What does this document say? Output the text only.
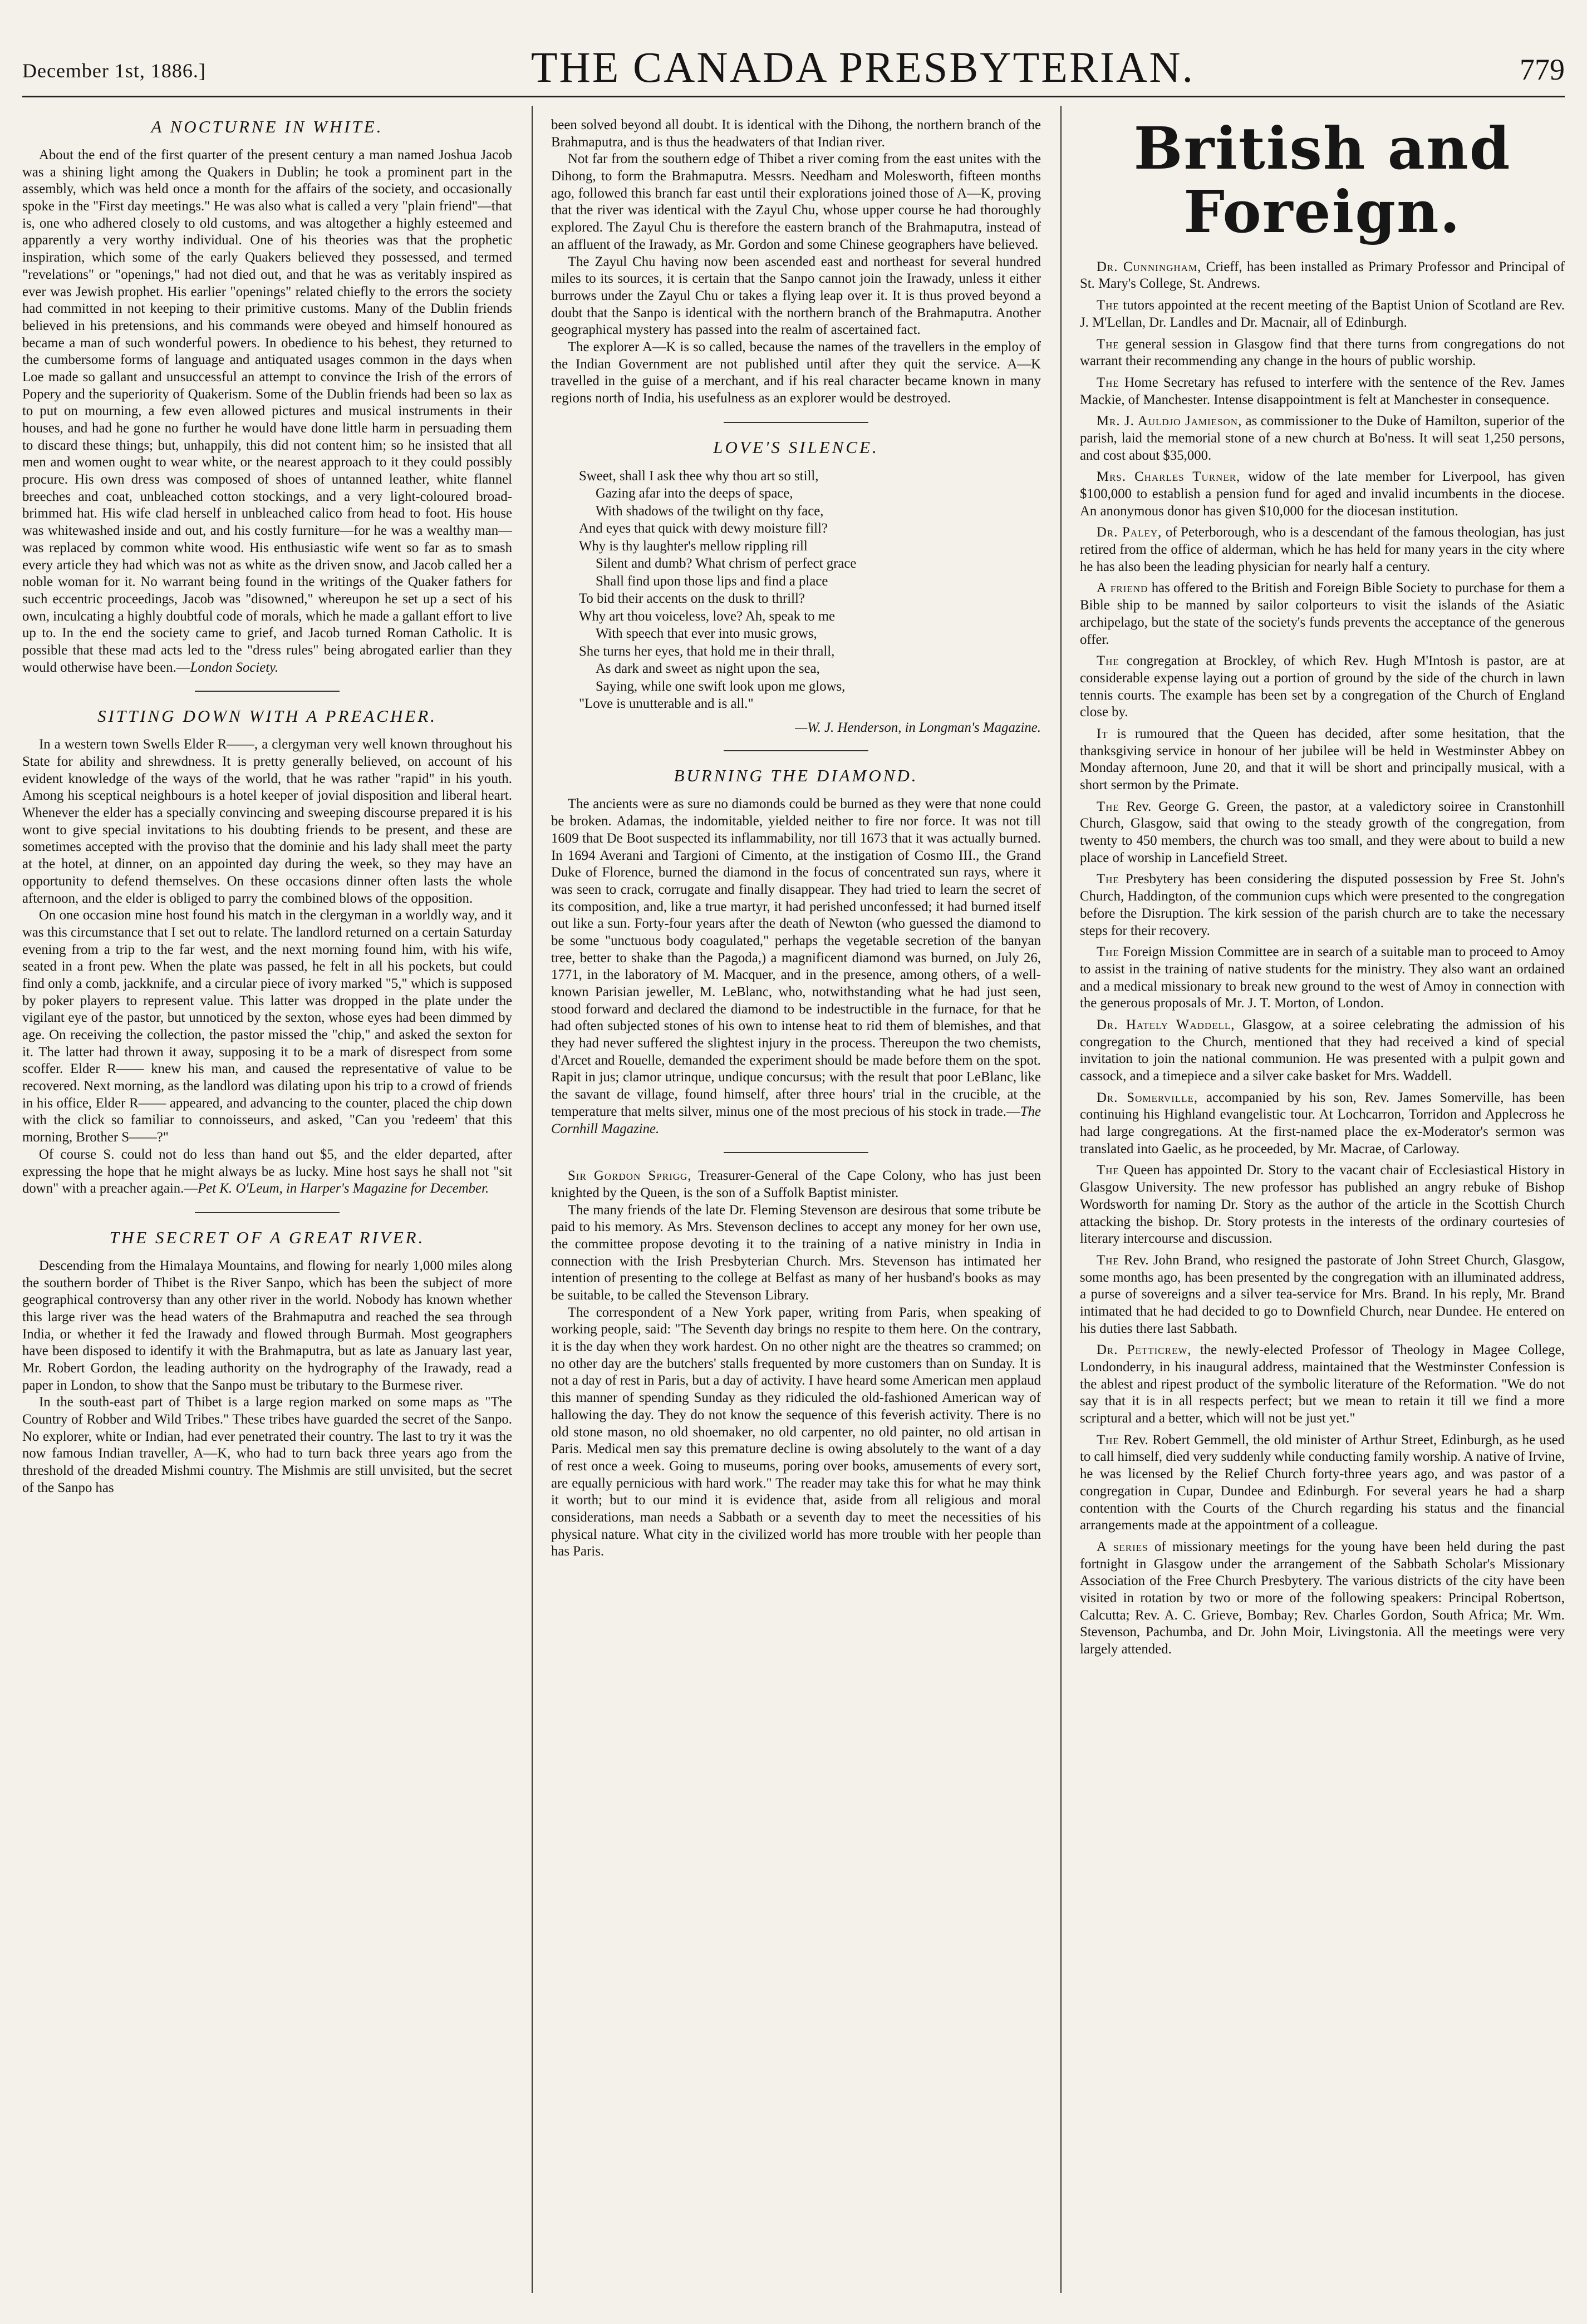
December 1st, 1886.]	THE CANADA PRESBYTERIAN.	779
A NOCTURNE IN WHITE.

About the end of the first quarter of the present century a man named Joshua Jacob was a shining light among the Quakers in Dublin; he took a prominent part in the assembly, which was held once a month for the affairs of the society, and occasionally spoke in the "First day meetings." He was also what is called a very "plain friend"—that is, one who adhered closely to old customs, and was altogether a highly esteemed and apparently a very worthy individual. One of his theories was that the prophetic inspiration, which some of the early Quakers believed they possessed, and termed "revelations" or "openings," had not died out, and that he was as veritably inspired as ever was Jewish prophet. His earlier "openings" related chiefly to the errors the society had committed in not keeping to their primitive customs. Many of the Dublin friends believed in his pretensions, and his commands were obeyed and himself honoured as became a man of such wonderful powers. In obedience to his behest, they returned to the cumbersome forms of language and antiquated usages common in the days when Loe made so gallant and unsuccessful an attempt to convince the Irish of the errors of Popery and the superiority of Quakerism. Some of the Dublin friends had been so lax as to put on mourning, a few even allowed pictures and musical instruments in their houses, and had he gone no further he would have done little harm in persuading them to discard these things; but, unhappily, this did not content him; so he insisted that all men and women ought to wear white, or the nearest approach to it they could possibly procure. His own dress was composed of shoes of untanned leather, white flannel breeches and coat, unbleached cotton stockings, and a very light-coloured broad-brimmed hat. His wife clad herself in unbleached calico from head to foot. His house was whitewashed inside and out, and his costly furniture—for he was a wealthy man—was replaced by common white wood. His enthusiastic wife went so far as to smash every article they had which was not as white as the driven snow, and Jacob called her a noble woman for it. No warrant being found in the writings of the Quaker fathers for such eccentric proceedings, Jacob was "disowned," whereupon he set up a sect of his own, inculcating a highly doubtful code of morals, which he made a gallant effort to live up to. In the end the society came to grief, and Jacob turned Roman Catholic. It is possible that these mad acts led to the "dress rules" being abrogated earlier than they would otherwise have been.—London Society.

SITTING DOWN WITH A PREACHER.

In a western town Swells Elder R——, a clergyman very well known throughout his State for ability and shrewdness. It is pretty generally believed, on account of his evident knowledge of the ways of the world, that he was rather "rapid" in his youth. Among his sceptical neighbours is a hotel keeper of jovial disposition and liberal heart. Whenever the elder has a specially convincing and sweeping discourse prepared it is his wont to give special invitations to his doubting friends to be present, and these are sometimes accepted with the proviso that the dominie and his lady shall meet the party at the hotel, at dinner, on an appointed day during the week, so they may have an opportunity to defend themselves. On these occasions dinner often lasts the whole afternoon, and the elder is obliged to parry the combined blows of the opposition.

On one occasion mine host found his match in the clergyman in a worldly way, and it was this circumstance that I set out to relate. The landlord returned on a certain Saturday evening from a trip to the far west, and the next morning found him, with his wife, seated in a front pew. When the plate was passed, he felt in all his pockets, but could find only a comb, jackknife, and a circular piece of ivory marked "5," which is supposed by poker players to represent value. This latter was dropped in the plate under the vigilant eye of the pastor, but unnoticed by the sexton, whose eyes had been dimmed by age. On receiving the collection, the pastor missed the "chip," and asked the sexton for it. The latter had thrown it away, supposing it to be a mark of disrespect from some scoffer. Elder R—— knew his man, and caused the representative of value to be recovered. Next morning, as the landlord was dilating upon his trip to a crowd of friends in his office, Elder R—— appeared, and advancing to the counter, placed the chip down with the click so familiar to connoisseurs, and asked, "Can you 'redeem' that this morning, Brother S——?"

Of course S. could not do less than hand out $5, and the elder departed, after expressing the hope that he might always be as lucky. Mine host says he shall not "sit down" with a preacher again.—Pet K. O'Leum, in Harper's Magazine for December.

THE SECRET OF A GREAT RIVER.

Descending from the Himalaya Mountains, and flowing for nearly 1,000 miles along the southern border of Thibet is the River Sanpo, which has been the subject of more geographical controversy than any other river in the world. Nobody has known whether this large river was the head waters of the Brahmaputra and reached the sea through India, or whether it fed the Irawady and flowed through Burmah. Most geographers have been disposed to identify it with the Brahmaputra, but as late as January last year, Mr. Robert Gordon, the leading authority on the hydrography of the Irawady, read a paper in London, to show that the Sanpo must be tributary to the Burmese river.

In the south-east part of Thibet is a large region marked on some maps as "The Country of Robber and Wild Tribes." These tribes have guarded the secret of the Sanpo. No explorer, white or Indian, had ever penetrated their country. The last to try it was the now famous Indian traveller, A—K, who had to turn back three years ago from the threshold of the dreaded Mishmi country. The Mishmis are still unvisited, but the secret of the Sanpo has

been solved beyond all doubt. It is identical with the Dihong, the northern branch of the Brahmaputra, and is thus the headwaters of that Indian river.

Not far from the southern edge of Thibet a river coming from the east unites with the Dihong, to form the Brahmaputra. Messrs. Needham and Molesworth, fifteen months ago, followed this branch far east until their explorations joined those of A—K, proving that the river was identical with the Zayul Chu, whose upper course he had thoroughly explored. The Zayul Chu is therefore the eastern branch of the Brahmaputra, instead of an affluent of the Irawady, as Mr. Gordon and some Chinese geographers have believed.

The Zayul Chu having now been ascended east and northeast for several hundred miles to its sources, it is certain that the Sanpo cannot join the Irawady, unless it either burrows under the Zayul Chu or takes a flying leap over it. It is thus proved beyond a doubt that the Sanpo is identical with the northern branch of the Brahmaputra. Another geographical mystery has passed into the realm of ascertained fact.

The explorer A—K is so called, because the names of the travellers in the employ of the Indian Government are not published until after they quit the service. A—K travelled in the guise of a merchant, and if his real character became known in many regions north of India, his usefulness as an explorer would be destroyed.

LOVE'S SILENCE.
Sweet, shall I ask thee why thou art so still,
Gazing afar into the deeps of space,
With shadows of the twilight on thy face,
And eyes that quick with dewy moisture fill?
Why is thy laughter's mellow rippling rill
Silent and dumb? What chrism of perfect grace
Shall find upon those lips and find a place
To bid their accents on the dusk to thrill?
Why art thou voiceless, love? Ah, speak to me
With speech that ever into music grows,
She turns her eyes, that hold me in their thrall,
As dark and sweet as night upon the sea,
Saying, while one swift look upon me glows,
"Love is unutterable and is all."
—W. J. Henderson, in Longman's Magazine.
BURNING THE DIAMOND.

The ancients were as sure no diamonds could be burned as they were that none could be broken. Adamas, the indomitable, yielded neither to fire nor force. It was not till 1609 that De Boot suspected its inflammability, nor till 1673 that it was actually burned. In 1694 Averani and Targioni of Cimento, at the instigation of Cosmo III., the Grand Duke of Florence, burned the diamond in the focus of concentrated sun rays, where it was seen to crack, corrugate and finally disappear. They had tried to learn the secret of its composition, and, like a true martyr, it had perished unconfessed; it had burned itself out like a sun. Forty-four years after the death of Newton (who guessed the diamond to be some "unctuous body coagulated," perhaps the vegetable secretion of the banyan tree, better to shake than the Pagoda,) a magnificent diamond was burned, on July 26, 1771, in the laboratory of M. Macquer, and in the presence, among others, of a well-known Parisian jeweller, M. LeBlanc, who, notwithstanding what he had just seen, stood forward and declared the diamond to be indestructible in the furnace, for that he had often subjected stones of his own to intense heat to rid them of blemishes, and that they had never suffered the slightest injury in the process. Thereupon the two chemists, d'Arcet and Rouelle, demanded the experiment should be made before them on the spot. Rapit in jus; clamor utrinque, undique concursus; with the result that poor LeBlanc, like the savant de village, found himself, after three hours' trial in the crucible, at the temperature that melts silver, minus one of the most precious of his stock in trade.—The Cornhill Magazine.

Sir Gordon Sprigg, Treasurer-General of the Cape Colony, who has just been knighted by the Queen, is the son of a Suffolk Baptist minister.

The many friends of the late Dr. Fleming Stevenson are desirous that some tribute be paid to his memory. As Mrs. Stevenson declines to accept any money for her own use, the committee propose devoting it to the training of a native ministry in India in connection with the Irish Presbyterian Church. Mrs. Stevenson has intimated her intention of presenting to the college at Belfast as many of her husband's books as may be suitable, to be called the Stevenson Library.

The correspondent of a New York paper, writing from Paris, when speaking of working people, said: "The Seventh day brings no respite to them here. On the contrary, it is the day when they work hardest. On no other night are the theatres so crammed; on no other day are the butchers' stalls frequented by more customers than on Sunday. It is not a day of rest in Paris, but a day of activity. I have heard some American men applaud this manner of spending Sunday as they ridiculed the old-fashioned American way of hallowing the day. They do not know the sequence of this feverish activity. There is no old stone mason, no old shoemaker, no old carpenter, no old painter, no old artisan in Paris. Medical men say this premature decline is owing absolutely to the want of a day of rest once a week. Going to museums, poring over books, amusements of every sort, are equally pernicious with hard work." The reader may take this for what he may think it worth; but to our mind it is evidence that, aside from all religious and moral considerations, man needs a Sabbath or a seventh day to meet the necessities of his physical nature. What city in the civilized world has more trouble with her people than has Paris.

British and Foreign.

Dr. Cunningham, Crieff, has been installed as Primary Professor and Principal of St. Mary's College, St. Andrews.

The tutors appointed at the recent meeting of the Baptist Union of Scotland are Rev. J. M'Lellan, Dr. Landles and Dr. Macnair, all of Edinburgh.

The general session in Glasgow find that there turns from congregations do not warrant their recommending any change in the hours of public worship.

The Home Secretary has refused to interfere with the sentence of the Rev. James Mackie, of Manchester. Intense disappointment is felt at Manchester in consequence.

Mr. J. Auldjo Jamieson, as commissioner to the Duke of Hamilton, superior of the parish, laid the memorial stone of a new church at Bo'ness. It will seat 1,250 persons, and cost about $35,000.

Mrs. Charles Turner, widow of the late member for Liverpool, has given $100,000 to establish a pension fund for aged and invalid incumbents in the diocese. An anonymous donor has given $10,000 for the diocesan institution.

Dr. Paley, of Peterborough, who is a descendant of the famous theologian, has just retired from the office of alderman, which he has held for many years in the city where he has also been the leading physician for nearly half a century.

A friend has offered to the British and Foreign Bible Society to purchase for them a Bible ship to be manned by sailor colporteurs to visit the islands of the Asiatic archipelago, but the state of the society's funds prevents the acceptance of the generous offer.

The congregation at Brockley, of which Rev. Hugh M'Intosh is pastor, are at considerable expense laying out a portion of ground by the side of the church in lawn tennis courts. The example has been set by a congregation of the Church of England close by.

It is rumoured that the Queen has decided, after some hesitation, that the thanksgiving service in honour of her jubilee will be held in Westminster Abbey on Monday afternoon, June 20, and that it will be short and principally musical, with a short sermon by the Primate.

The Rev. George G. Green, the pastor, at a valedictory soiree in Cranstonhill Church, Glasgow, said that owing to the steady growth of the congregation, from twenty to 450 members, the church was too small, and they were about to build a new place of worship in Lancefield Street.

The Presbytery has been considering the disputed possession by Free St. John's Church, Haddington, of the communion cups which were presented to the congregation before the Disruption. The kirk session of the parish church are to take the necessary steps for their recovery.

The Foreign Mission Committee are in search of a suitable man to proceed to Amoy to assist in the training of native students for the ministry. They also want an ordained and a medical missionary to break new ground to the west of Amoy in connection with the generous proposals of Mr. J. T. Morton, of London.

Dr. Hately Waddell, Glasgow, at a soiree celebrating the admission of his congregation to the Church, mentioned that they had received a kind of special invitation to join the national communion. He was presented with a pulpit gown and cassock, and a timepiece and a silver cake basket for Mrs. Waddell.

Dr. Somerville, accompanied by his son, Rev. James Somerville, has been continuing his Highland evangelistic tour. At Lochcarron, Torridon and Applecross he had large congregations. At the first-named place the ex-Moderator's sermon was translated into Gaelic, as he proceeded, by Mr. Macrae, of Carloway.

The Queen has appointed Dr. Story to the vacant chair of Ecclesiastical History in Glasgow University. The new professor has published an angry rebuke of Bishop Wordsworth for naming Dr. Story as the author of the article in the Scottish Church attacking the bishop. Dr. Story protests in the interests of the ordinary courtesies of literary intercourse and discussion.

The Rev. John Brand, who resigned the pastorate of John Street Church, Glasgow, some months ago, has been presented by the congregation with an illuminated address, a purse of sovereigns and a silver tea-service for Mrs. Brand. In his reply, Mr. Brand intimated that he had decided to go to Downfield Church, near Dundee. He entered on his duties there last Sabbath.

Dr. Petticrew, the newly-elected Professor of Theology in Magee College, Londonderry, in his inaugural address, maintained that the Westminster Confession is the ablest and ripest product of the symbolic literature of the Reformation. "We do not say that it is in all respects perfect; but we mean to retain it till we find a more scriptural and a better, which will not be just yet."

The Rev. Robert Gemmell, the old minister of Arthur Street, Edinburgh, as he used to call himself, died very suddenly while conducting family worship. A native of Irvine, he was licensed by the Relief Church forty-three years ago, and was pastor of a congregation in Cupar, Dundee and Edinburgh. For several years he had a sharp contention with the Courts of the Church regarding his status and the financial arrangements made at the appointment of a colleague.

A series of missionary meetings for the young have been held during the past fortnight in Glasgow under the arrangement of the Sabbath Scholar's Missionary Association of the Free Church Presbytery. The various districts of the city have been visited in rotation by two or more of the following speakers: Principal Robertson, Calcutta; Rev. A. C. Grieve, Bombay; Rev. Charles Gordon, South Africa; Mr. Wm. Stevenson, Pachumba, and Dr. John Moir, Livingstonia. All the meetings were very largely attended.
